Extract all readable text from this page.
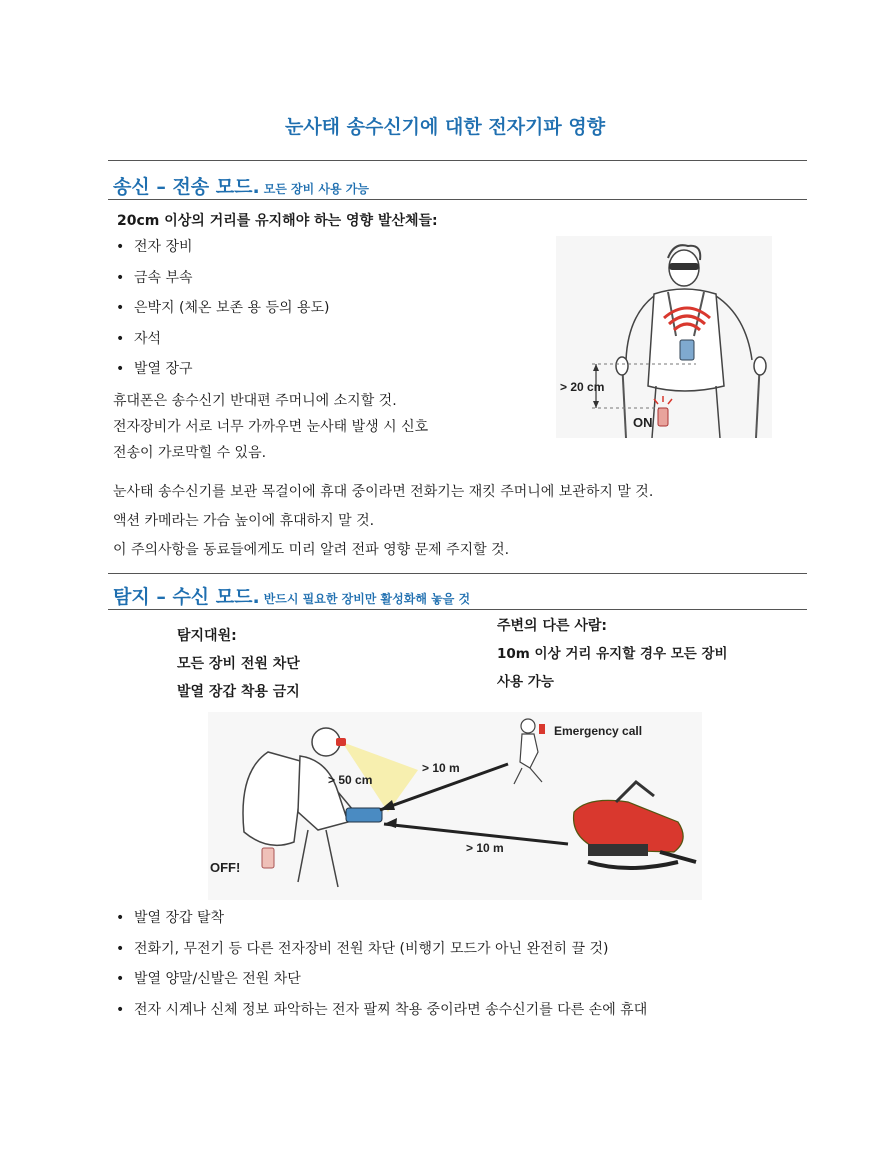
눈사태 송수신기에 대한 전자기파 영향
송신 – 전송 모드. 모든 장비 사용 가능
20cm 이상의 거리를 유지해야 하는 영향 발산체들:
• 전자 장비
• 금속 부속
• 은박지 (체온 보존 용 등의 용도)
• 자석
• 발열 장구
휴대폰은 송수신기 반대편 주머니에 소지할 것.
전자장비가 서로 너무 가까우면 눈사태 발생 시 신호
전송이 가로막힐 수 있음.
눈사태 송수신기를 보관 목걸이에 휴대 중이라면 전화기는 재킷 주머니에 보관하지 말 것.
액션 카메라는 가슴 높이에 휴대하지 말 것.
이 주의사항을 동료들에게도 미리 알려 전파 영향 문제 주지할 것.
> 20 cm
ON
탐지 – 수신 모드. 반드시 필요한 장비만 활성화해 놓을 것
탐지대원:
모든 장비 전원 차단
발열 장갑 착용 금지
주변의 다른 사람:
10m 이상 거리 유지할 경우 모든 장비
사용 가능
OFF!
> 50 cm
> 10 m
Emergency call
> 10 m
• 발열 장갑 탈착
• 전화기, 무전기 등 다른 전자장비 전원 차단 (비행기 모드가 아닌 완전히 끌 것)
• 발열 양말/신발은 전원 차단
• 전자 시계나 신체 정보 파악하는 전자 팔찌 착용 중이라면 송수신기를 다른 손에 휴대
